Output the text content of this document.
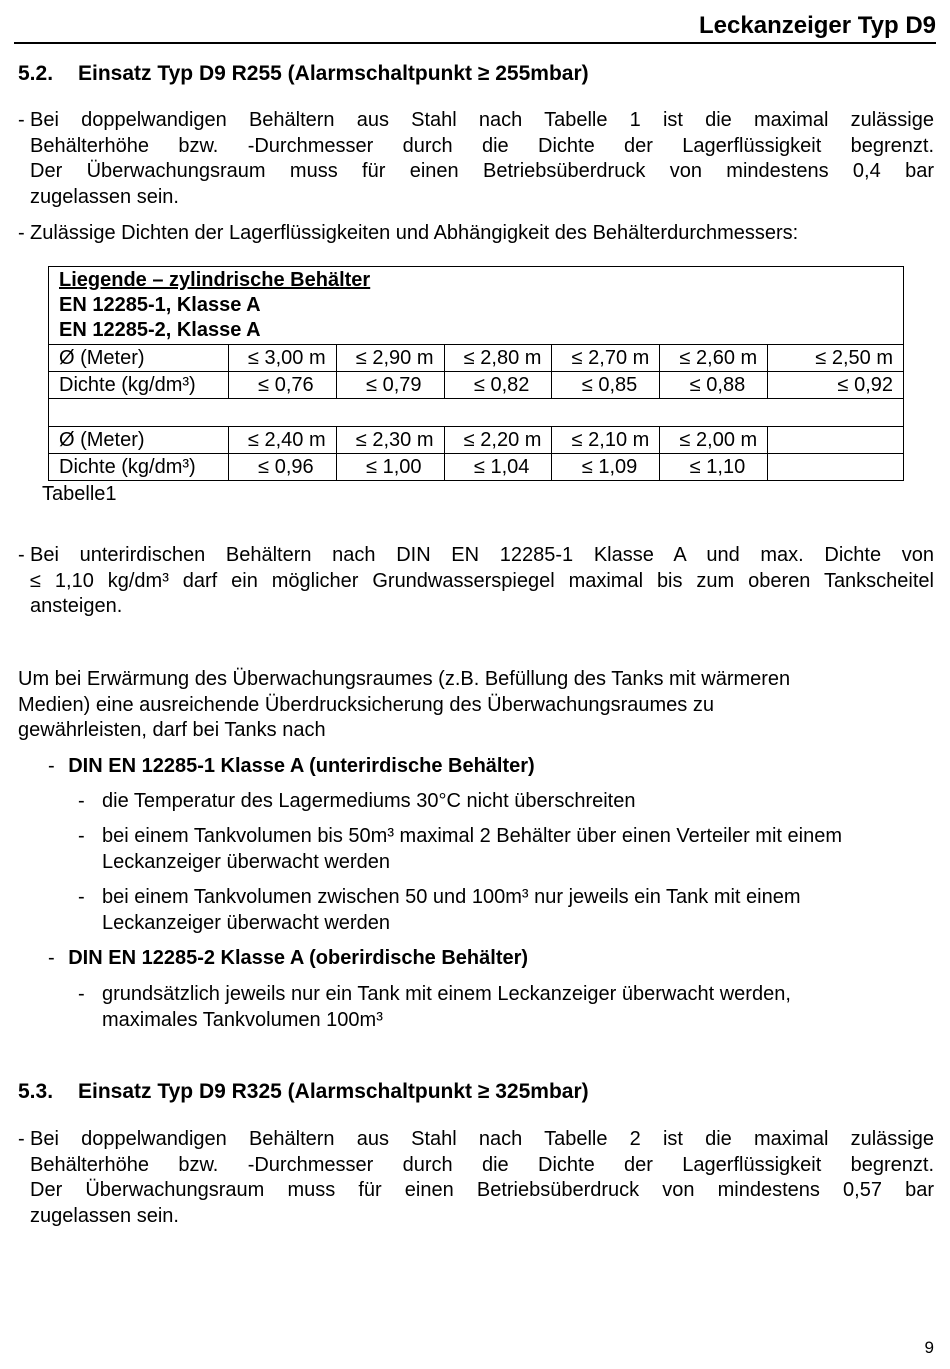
Leckanzeiger Typ D9
5.2. Einsatz Typ D9 R255 (Alarmschaltpunkt ≥ 255mbar)
- Bei doppelwandigen Behältern aus Stahl nach Tabelle 1 ist die maximal zulässige
Behälterhöhe bzw. -Durchmesser durch die Dichte der Lagerflüssigkeit begrenzt.
Der Überwachungsraum muss für einen Betriebsüberdruck von mindestens 0,4 bar
zugelassen sein.
- Zulässige Dichten der Lagerflüssigkeiten und Abhängigkeit des Behälterdurchmessers:
Liegende – zylindrische Behälter
EN 12285-1, Klasse A
EN 12285-2, Klasse A						

Ø (Meter)	≤ 3,00 m	≤ 2,90 m	≤ 2,80 m	≤ 2,70 m	≤ 2,60 m	≤ 2,50 m
Dichte (kg/dm³)	≤ 0,76	≤ 0,79	≤ 0,82	≤ 0,85	≤ 0,88	≤ 0,92

Ø (Meter)	≤ 2,40 m	≤ 2,30 m	≤ 2,20 m	≤ 2,10 m	≤ 2,00 m	
Dichte (kg/dm³)	≤ 0,96	≤ 1,00	≤ 1,04	≤ 1,09	≤ 1,10	
Tabelle1
- Bei unterirdischen Behältern nach DIN EN 12285-1 Klasse A und max. Dichte von
≤ 1,10 kg/dm³ darf ein möglicher Grundwasserspiegel maximal bis zum oberen Tankscheitel
ansteigen.
Um bei Erwärmung des Überwachungsraumes (z.B. Befüllung des Tanks mit wärmeren
Medien) eine ausreichende Überdrucksicherung des Überwachungsraumes zu
gewährleisten, darf bei Tanks nach
- DIN EN 12285-1 Klasse A (unterirdische Behälter)
- die Temperatur des Lagermediums 30°C nicht überschreiten
- bei einem Tankvolumen bis 50m³ maximal 2 Behälter über einen Verteiler mit einem
Leckanzeiger überwacht werden
- bei einem Tankvolumen zwischen 50 und 100m³ nur jeweils ein Tank mit einem
Leckanzeiger überwacht werden
- DIN EN 12285-2 Klasse A (oberirdische Behälter)
- grundsätzlich jeweils nur ein Tank mit einem Leckanzeiger überwacht werden,
maximales Tankvolumen 100m³
5.3. Einsatz Typ D9 R325 (Alarmschaltpunkt ≥ 325mbar)
- Bei doppelwandigen Behältern aus Stahl nach Tabelle 2 ist die maximal zulässige
Behälterhöhe bzw. -Durchmesser durch die Dichte der Lagerflüssigkeit begrenzt.
Der Überwachungsraum muss für einen Betriebsüberdruck von mindestens 0,57 bar
zugelassen sein.
9
